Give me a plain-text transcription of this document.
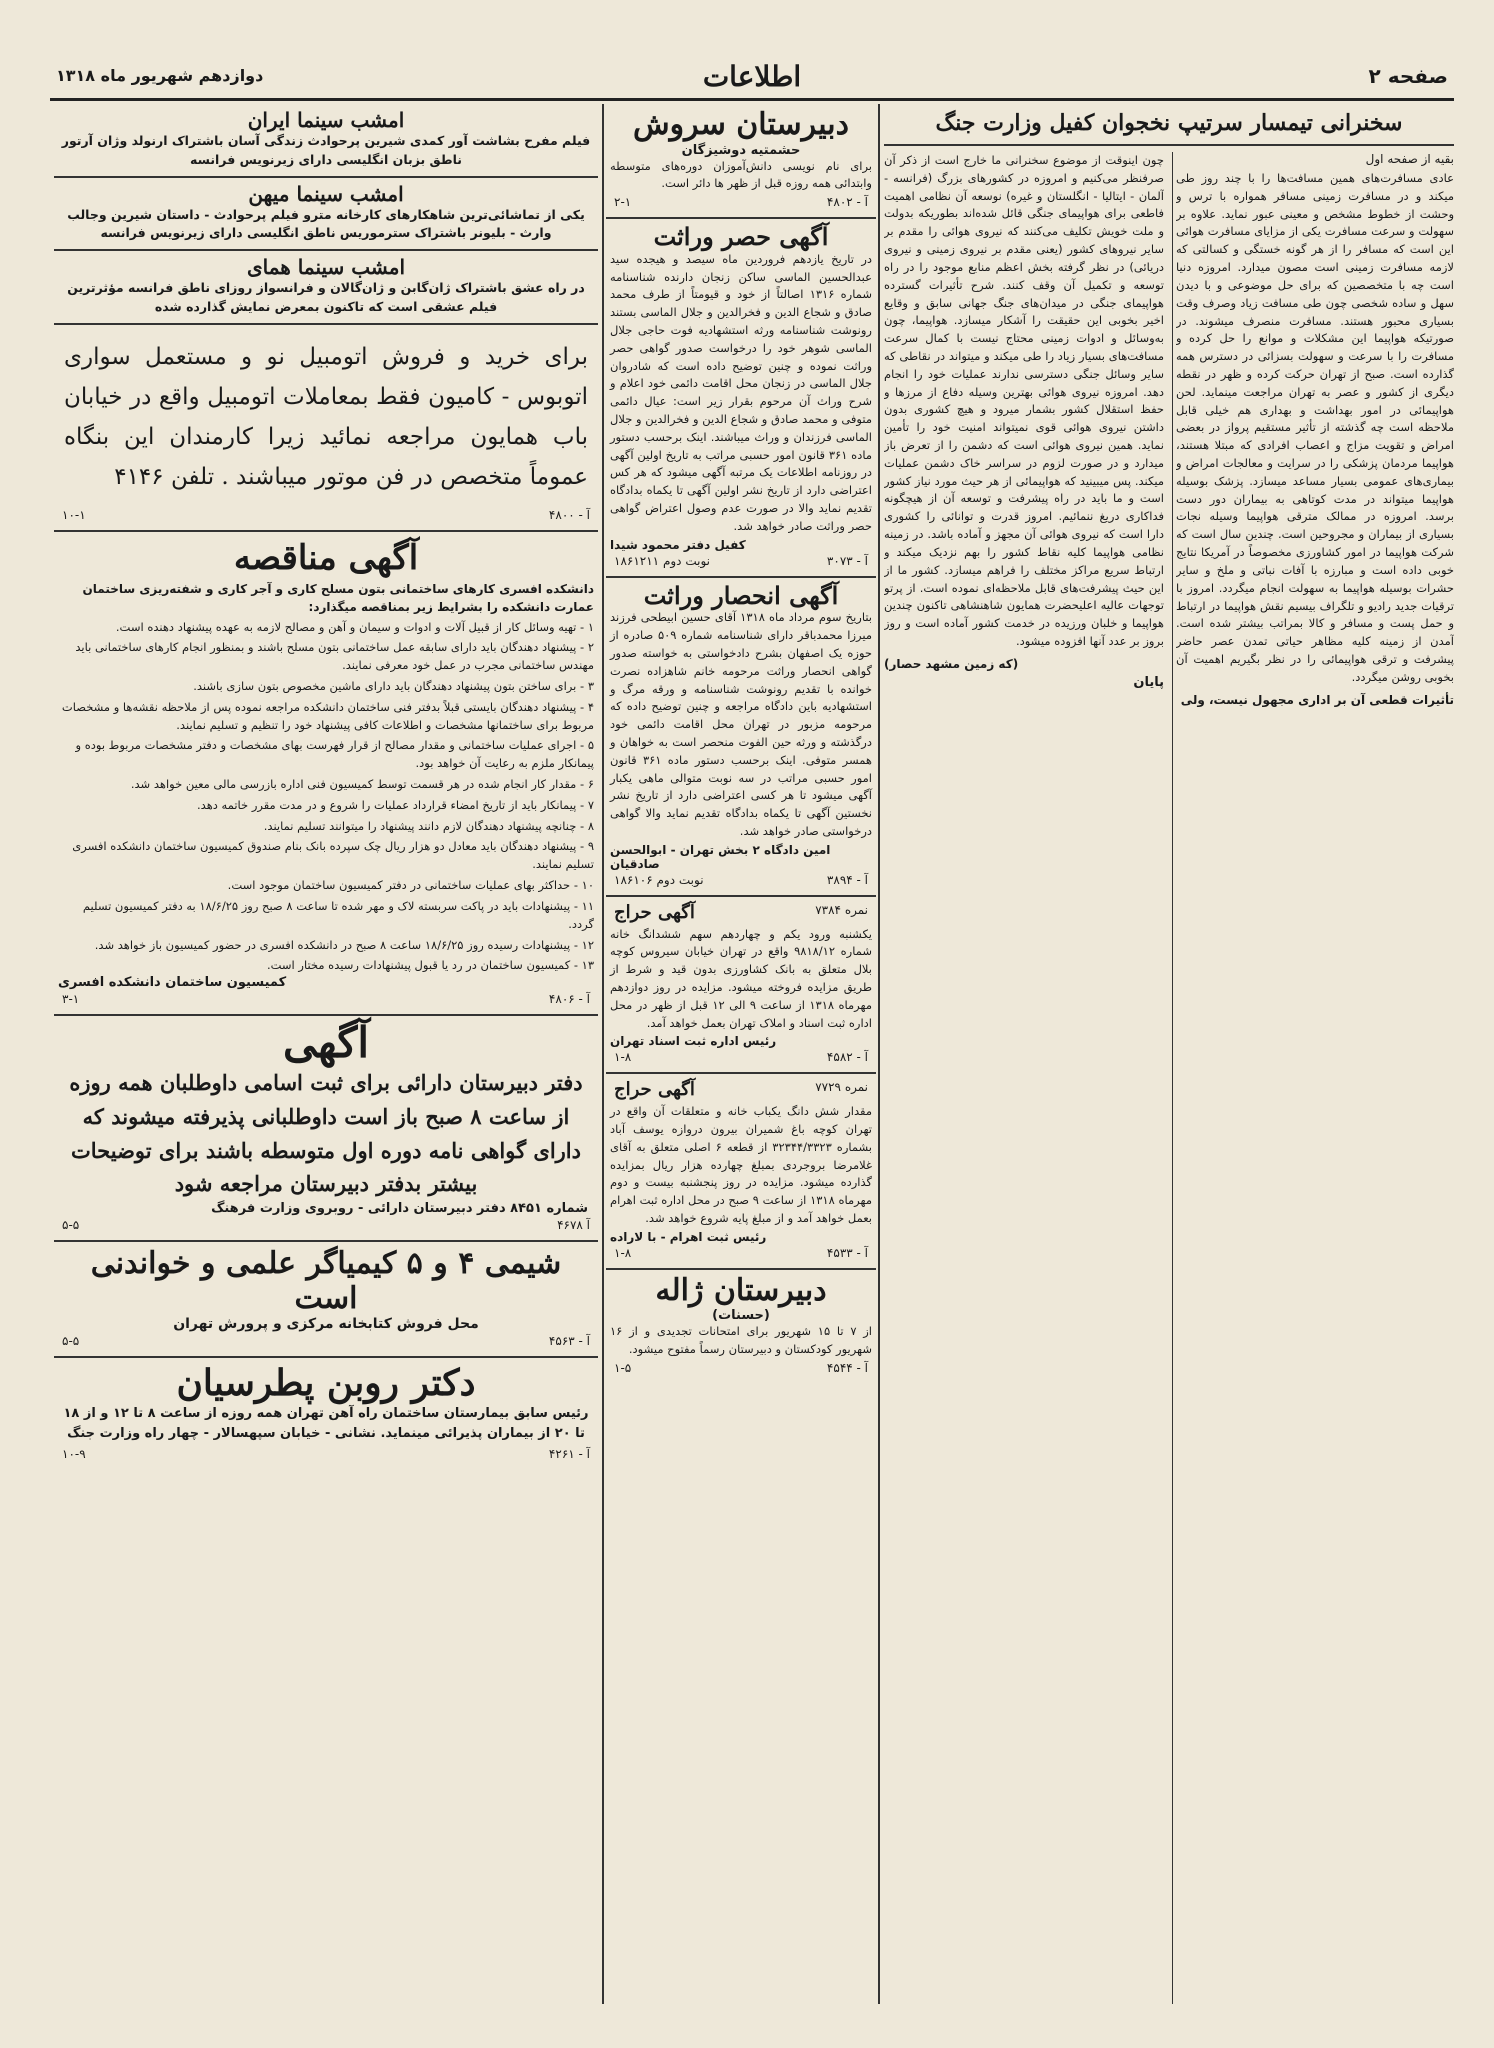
صفحه ۲
اطلاعات
دوازدهم شهریور ماه ۱۳۱۸
سخنرانی تیمسار سرتیپ نخجوان کفیل وزارت جنگ
بقیه از صفحه اول

عادی مسافرت‌های همین مسافت‌ها را با چند روز طی میکند و در مسافرت زمینی مسافر همواره با ترس و وحشت از خطوط مشخص و معینی عبور نماید. علاوه بر سهولت و سرعت مسافرت یکی از مزایای مسافرت هوائی این است که مسافر را از هر گونه خستگی و کسالتی که لازمه مسافرت زمینی است مصون میدارد. امروزه دنیا است چه با متخصصین که برای حل موضوعی و با دیدن سهل و ساده شخصی چون طی مسافت زیاد وصرف وقت بسیاری محبور هستند. مسافرت منصرف میشوند. در صورتیکه هواپیما این مشکلات و موانع را حل کرده و مسافرت را با سرعت و سهولت بسزائی در دسترس همه گذارده است. صبح از تهران حرکت کرده و ظهر در نقطه دیگری از کشور و عصر به تهران مراجعت مینماید. لحن هواپیمائی در امور بهداشت و بهداری هم خیلی قابل ملاحظه است چه گذشته از تأثیر مستقیم پرواز در بعضی امراض و تقویت مزاج و اعصاب افرادی که مبتلا هستند، هواپیما مردمان پزشکی را در سرایت و معالجات امراض و بیماری‌های عمومی بسیار مساعد میسازد. پزشک بوسیله هواپیما میتواند در مدت کوتاهی به بیماران دور دست برسد. امروزه در ممالک مترقی هواپیما وسیله نجات بسیاری از بیماران و مجروحین است. چندین سال است که شرکت هواپیما در امور کشاورزی مخصوصاً در آمریکا نتایج خوبی داده است و مبارزه با آفات نباتی و ملخ و سایر حشرات بوسیله هواپیما به سهولت انجام میگردد. امروز با ترقیات جدید رادیو و تلگراف بیسیم نقش هواپیما در ارتباط و حمل پست و مسافر و کالا بمراتب بیشتر شده است. آمدن از زمینه کلیه مظاهر حیاتی تمدن عصر حاضر پیشرفت و ترقی هواپیمائی را در نظر بگیریم اهمیت آن بخوبی روشن میگردد.

تأثیرات قطعی آن بر اداری مجهول نیست، ولی

چون اینوقت از موضوع سخنرانی ما خارج است از ذکر آن صرفنظر می‌کنیم و امروزه در کشورهای بزرگ (فرانسه - آلمان - ایتالیا - انگلستان و غیره) نوسعه آن نظامی اهمیت فاطعی برای هواپیمای جنگی قائل شده‌اند بطوریکه بدولت و ملت خویش تکلیف می‌کنند که نیروی هوائی را مقدم بر سایر نیروهای کشور (یعنی مقدم بر نیروی زمینی و نیروی دریائی) در نظر گرفته بخش اعظم منابع موجود را در راه توسعه و تکمیل آن وقف کنند. شرح تأثیرات گسترده هواپیمای جنگی در میدان‌های جنگ جهانی سابق و وقایع اخیر بخوبی این حقیقت را آشکار میسازد. هواپیما، چون به‌وسائل و ادوات زمینی محتاج نیست با کمال سرعت مسافت‌های بسیار زیاد را طی میکند و میتواند در نقاطی که سایر وسائل جنگی دسترسی ندارند عملیات خود را انجام دهد. امروزه نیروی هوائی بهترین وسیله دفاع از مرزها و حفظ استقلال کشور بشمار میرود و هیچ کشوری بدون داشتن نیروی هوائی قوی نمیتواند امنیت خود را تأمین نماید. همین نیروی هوائی است که دشمن را از تعرض باز میدارد و در صورت لزوم در سراسر خاک دشمن عملیات میکند. پس میبینید که هواپیمائی از هر حیث مورد نیاز کشور است و ما باید در راه پیشرفت و توسعه آن از هیچگونه فداکاری دریغ ننمائیم. امروز قدرت و توانائی را کشوری دارا است که نیروی هوائی آن مجهز و آماده باشد. در زمینه نظامی هواپیما کلیه نقاط کشور را بهم نزدیک میکند و ارتباط سریع مراکز مختلف را فراهم میسازد. کشور ما از این حیث پیشرفت‌های قابل ملاحظه‌ای نموده است. از پرتو توجهات عالیه اعلیحضرت همایون شاهنشاهی تاکنون چندین هواپیما و خلبان ورزیده در خدمت کشور آماده است و روز بروز بر عدد آنها افزوده میشود.

(که زمین مشهد حصار)
پایان
دبیرستان سروش
حشمتیه دوشیزگان

برای نام نویسی دانش‌آموزان دوره‌های متوسطه وابتدائی همه روزه قبل از ظهر ها دائر است.

آ - ۴۸۰۲
۲-۱
آگهی حصر وراثت

در تاریخ یازدهم فروردین ماه سیصد و هیجده سید عبدالحسین الماسی ساکن زنجان دارنده شناسنامه شماره ۱۳۱۶ اصالتاً از خود و قیومتاً از طرف محمد صادق و شجاع الدین و فخرالدین و جلال الماسی بستند رونوشت شناسنامه ورثه استشهادیه فوت حاجی جلال الماسی شوهر خود را درخواست صدور گواهی حصر وراثت نموده و چنین توضیح داده است که شادروان جلال الماسی در زنجان محل اقامت دائمی خود اعلام و شرح وراث آن مرحوم بقرار زیر است: عیال دائمی متوفی و محمد صادق و شجاع الدین و فخرالدین و جلال الماسی فرزندان و وراث میباشند. اینک برحسب دستور ماده ۳۶۱ قانون امور حسبی مراتب به تاریخ اولین آگهی در روزنامه اطلاعات یک مرتبه آگهی میشود که هر کس اعتراضی دارد از تاریخ نشر اولین آگهی تا یکماه بدادگاه تقدیم نماید والا در صورت عدم وصول اعتراض گواهی حصر وراثت صادر خواهد شد.

کفیل دفتر محمود شیدا
آ - ۳۰۷۳
نوبت دوم ۱۸۶۱۲۱۱
آگهی انحصار وراثت

بتاریخ سوم مرداد ماه ۱۳۱۸ آقای حسین ابیطحی فرزند میرزا محمدباقر دارای شناسنامه شماره ۵۰۹ صادره از حوزه یک اصفهان بشرح دادخواستی به خواسته صدور گواهی انحصار وراثت مرحومه خانم شاهزاده نصرت خوانده با تقدیم رونوشت شناسنامه و ورقه مرگ و استشهادیه باین دادگاه مراجعه و چنین توضیح داده که مرحومه مزبور در تهران محل اقامت دائمی خود درگذشته و ورثه حین الفوت منحصر است به خواهان و همسر متوفی. اینک برحسب دستور ماده ۳۶۱ قانون امور حسبی مراتب در سه نوبت متوالی ماهی یکبار آگهی میشود تا هر کسی اعتراضی دارد از تاریخ نشر نخستین آگهی تا یکماه بدادگاه تقدیم نماید والا گواهی درخواستی صادر خواهد شد.

امین دادگاه ۲ بخش تهران - ابوالحسن صادقیان
آ - ۳۸۹۴
نوبت دوم ۱۸۶۱۰۶
نمره ۷۳۸۴
آگهی حراج

یکشنبه ورود یکم و چهاردهم سهم ششدانگ خانه شماره ۹۸۱۸/۱۲ واقع در تهران خیابان سیروس کوچه بلال متعلق به بانک کشاورزی بدون قید و شرط از طریق مزایده فروخته میشود. مزایده در روز دوازدهم مهرماه ۱۳۱۸ از ساعت ۹ الی ۱۲ قبل از ظهر در محل اداره ثبت اسناد و املاک تهران بعمل خواهد آمد.

رئیس اداره ثبت اسناد تهران
آ - ۴۵۸۲
۱-۸
نمره ۷۷۲۹
آگهی حراج

مقدار شش دانگ یکباب خانه و متعلقات آن واقع در تهران کوچه باغ شمیران بیرون دروازه یوسف آباد بشماره ۳۲۳۴۴/۳۳۲۳ از قطعه ۶ اصلی متعلق به آقای غلامرضا بروجردی بمبلغ چهارده هزار ریال بمزایده گذارده میشود. مزایده در روز پنجشنبه بیست و دوم مهرماه ۱۳۱۸ از ساعت ۹ صبح در محل اداره ثبت اهرام بعمل خواهد آمد و از مبلغ پایه شروع خواهد شد.

رئیس ثبت اهرام - با لاراده
آ - ۴۵۳۳
۱-۸
دبیرستان ژاله
(حسنات)

از ۷ تا ۱۵ شهریور برای امتحانات تجدیدی و از ۱۶ شهریور کودکستان و دبیرستان رسماً مفتوح میشود.

آ - ۴۵۴۴
۱-۵
امشب سینما ایران
فیلم مفرح بشاشت آور کمدی شیرین پرحوادث زندگی آسان باشتراک ارنولد وژان آرتور ناطق بزبان انگلیسی دارای زیرنویس فرانسه
امشب سینما میهن
یکی از تماشائی‌ترین شاهکارهای کارخانه مترو فیلم پرحوادث - داستان شیرین وجالب وارث - بلیونر باشتراک سترموریس ناطق انگلیسی دارای زیرنویس فرانسه
امشب سینما همای
در راه عشق باشتراک ژان‌گابن و ژان‌گالان و فرانسواز روزای ناطق فرانسه مؤثرترین فیلم عشقی است که تاکنون بمعرض نمایش گذارده شده

برای خرید و فروش اتومبیل نو و مستعمل سواری اتوبوس - کامیون فقط بمعاملات اتومبیل واقع در خیابان باب همایون مراجعه نمائید زیرا کارمندان این بنگاه عموماً متخصص در فن موتور میباشند . تلفن ۴۱۴۶

آ - ۴۸۰۰
۱۰-۱
آگهی مناقصه

دانشکده افسری کارهای ساختمانی بتون مسلح کاری و آجر کاری و شفته‌ریزی ساختمان عمارت دانشکده را بشرایط زیر بمناقصه میگذارد:

۱ - تهیه وسائل کار از قبیل آلات و ادوات و سیمان و آهن و مصالح لازمه به عهده پیشنهاد دهنده است.

۲ - پیشنهاد دهندگان باید دارای سابقه عمل ساختمانی بتون مسلح باشند و بمنظور انجام کارهای ساختمانی باید مهندس ساختمانی مجرب در عمل خود معرفی نمایند.

۳ - برای ساختن بتون پیشنهاد دهندگان باید دارای ماشین مخصوص بتون سازی باشند.

۴ - پیشنهاد دهندگان بایستی قبلاً بدفتر فنی ساختمان دانشکده مراجعه نموده پس از ملاحظه نقشه‌ها و مشخصات مربوط برای ساختمانها مشخصات و اطلاعات کافی پیشنهاد خود را تنظیم و تسلیم نمایند.

۵ - اجرای عملیات ساختمانی و مقدار مصالح از قرار فهرست بهای مشخصات و دفتر مشخصات مربوط بوده و پیمانکار ملزم به رعایت آن خواهد بود.

۶ - مقدار کار انجام شده در هر قسمت توسط کمیسیون فنی اداره بازرسی مالی معین خواهد شد.

۷ - پیمانکار باید از تاریخ امضاء قرارداد عملیات را شروع و در مدت مقرر خاتمه دهد.

۸ - چنانچه پیشنهاد دهندگان لازم دانند پیشنهاد را میتوانند تسلیم نمایند.

۹ - پیشنهاد دهندگان باید معادل دو هزار ریال چک سپرده بانک بنام صندوق کمیسیون ساختمان دانشکده افسری تسلیم نمایند.

۱۰ - حداکثر بهای عملیات ساختمانی در دفتر کمیسیون ساختمان موجود است.

۱۱ - پیشنهادات باید در پاکت سربسته لاک و مهر شده تا ساعت ۸ صبح روز ۱۸/۶/۲۵ به دفتر کمیسیون تسلیم گردد.

۱۲ - پیشنهادات رسیده روز ۱۸/۶/۲۵ ساعت ۸ صبح در دانشکده افسری در حضور کمیسیون باز خواهد شد.

۱۳ - کمیسیون ساختمان در رد یا قبول پیشنهادات رسیده مختار است.

کمیسیون ساختمان دانشکده افسری
آ - ۴۸۰۶
۳-۱
آگهی

دفتر دبیرستان دارائی برای ثبت اسامی داوطلبان همه روزه از ساعت ۸ صبح باز است داوطلبانی پذیرفته میشوند که دارای گواهی نامه دوره اول متوسطه باشند برای توضیحات بیشتر بدفتر دبیرستان مراجعه شود

شماره ۸۴۵۱ دفتر دبیرستان دارائی - روبروی وزارت فرهنگ
آ ۴۶۷۸
۵-۵
شیمی ۴ و ۵ کیمیاگر علمی و خواندنی است
محل فروش کتابخانه مرکزی و پرورش تهران
آ - ۴۵۶۳
۵-۵
دکتر روبن پطرسیان
رئیس سابق بیمارستان ساختمان راه آهن تهران همه روزه از ساعت ۸ تا ۱۲ و از ۱۸ تا ۲۰ از بیماران پذیرائی مینماید. نشانی - خیابان سپهسالار - چهار راه وزارت جنگ
آ - ۴۲۶۱
۱۰-۹
